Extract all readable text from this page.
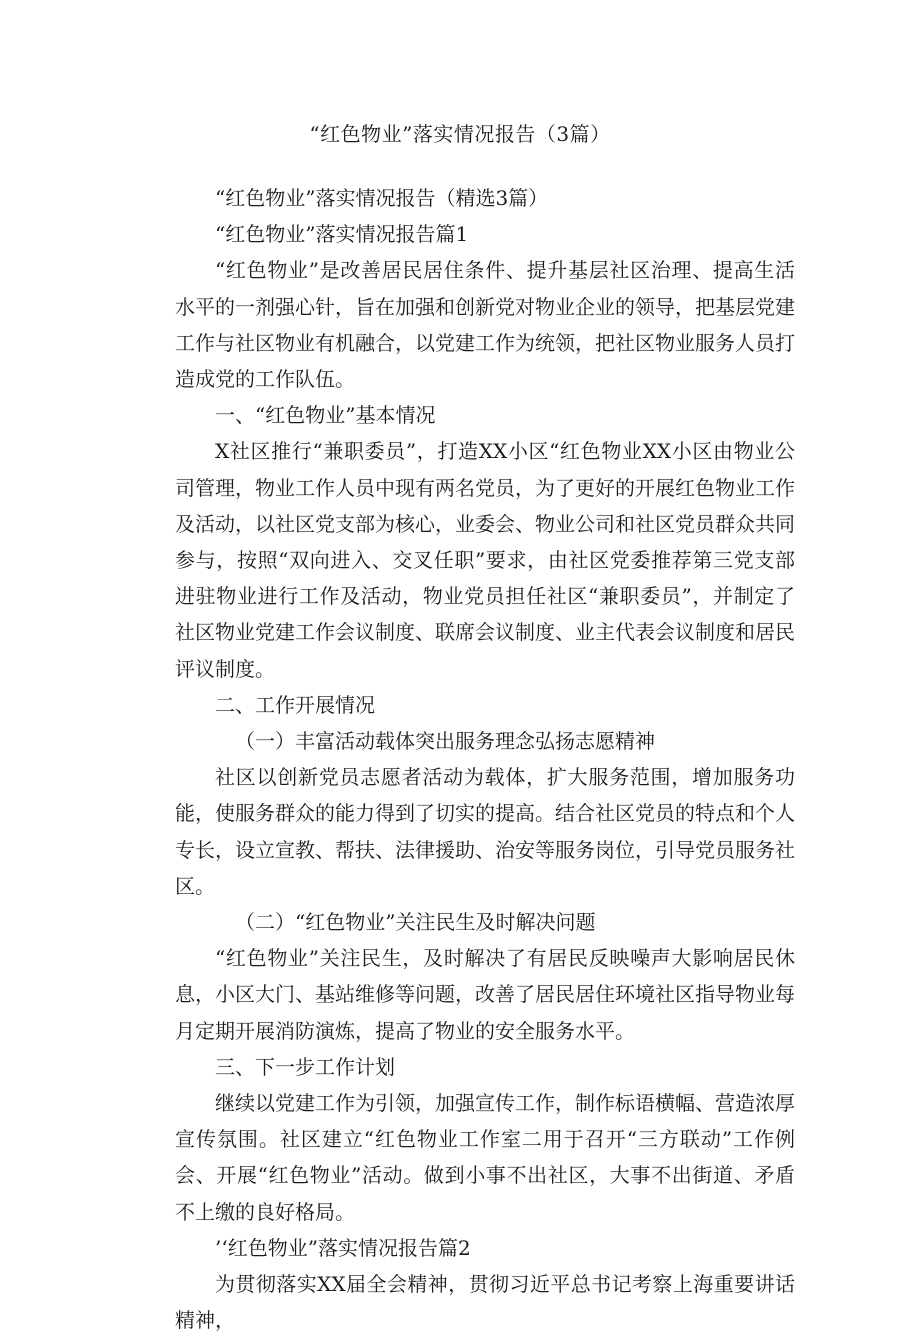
“红色物业”落实情况报告（3篇）

“红色物业”落实情况报告（精选3篇）

“红色物业”落实情况报告篇1

“红色物业”是改善居民居住条件、提升基层社区治理、提高生活水平的一剂强心针，旨在加强和创新党对物业企业的领导，把基层党建工作与社区物业有机融合，以党建工作为统领，把社区物业服务人员打造成党的工作队伍。

一、“红色物业”基本情况

X社区推行“兼职委员”，打造XX小区“红色物业XX小区由物业公司管理，物业工作人员中现有两名党员，为了更好的开展红色物业工作及活动，以社区党支部为核心，业委会、物业公司和社区党员群众共同参与，按照“双向进入、交叉任职”要求，由社区党委推荐第三党支部进驻物业进行工作及活动，物业党员担任社区“兼职委员”，并制定了社区物业党建工作会议制度、联席会议制度、业主代表会议制度和居民评议制度。

二、工作开展情况

（一）丰富活动载体突出服务理念弘扬志愿精神

社区以创新党员志愿者活动为载体，扩大服务范围，增加服务功能，使服务群众的能力得到了切实的提高。结合社区党员的特点和个人专长，设立宣教、帮扶、法律援助、治安等服务岗位，引导党员服务社区。

（二）“红色物业”关注民生及时解决问题

“红色物业”关注民生，及时解决了有居民反映噪声大影响居民休息，小区大门、基站维修等问题，改善了居民居住环境社区指导物业每月定期开展消防演炼，提高了物业的安全服务水平。

三、下一步工作计划

继续以党建工作为引领，加强宣传工作，制作标语横幅、营造浓厚宣传氛围。社区建立“红色物业工作室二用于召开“三方联动”工作例会、开展“红色物业”活动。做到小事不出社区，大事不出街道、矛盾不上缴的良好格局。

’‘红色物业”落实情况报告篇2

为贯彻落实XX届全会精神，贯彻习近平总书记考察上海重要讲话精神，
